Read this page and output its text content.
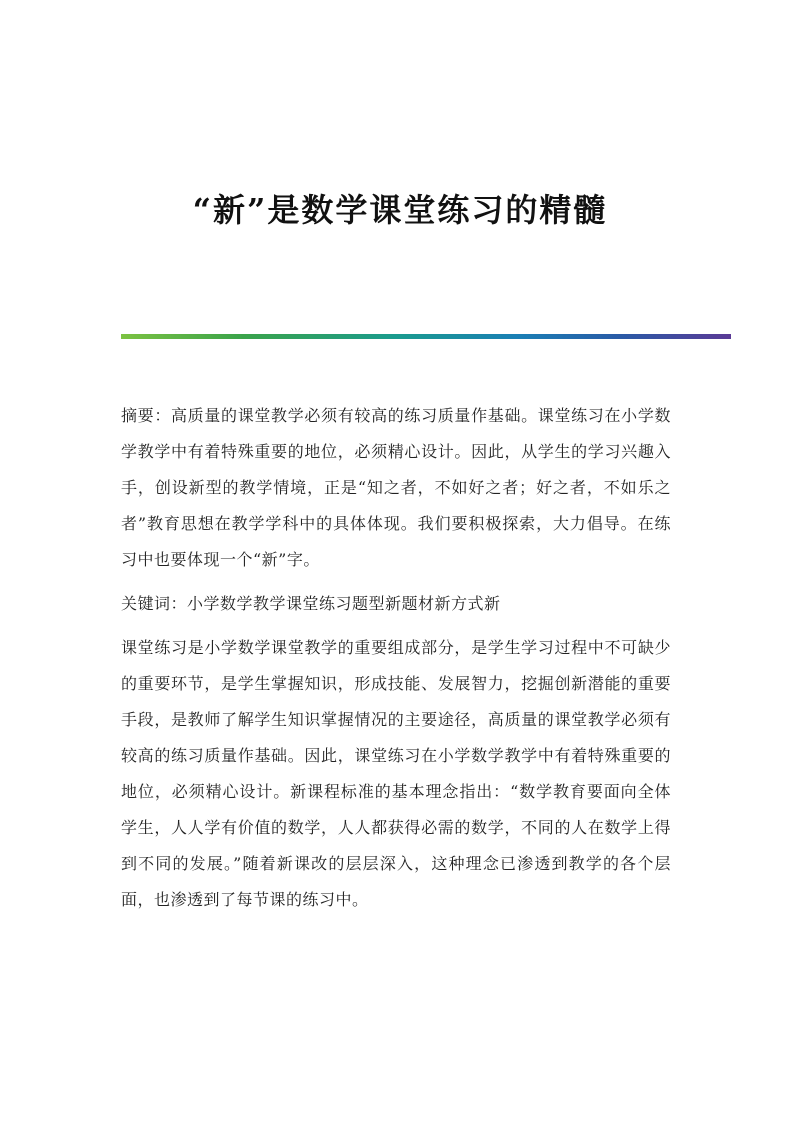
“新”是数学课堂练习的精髓

摘要：高质量的课堂教学必须有较高的练习质量作基础。课堂练习在小学数学教学中有着特殊重要的地位，必须精心设计。因此，从学生的学习兴趣入手，创设新型的教学情境，正是“知之者，不如好之者；好之者，不如乐之者”教育思想在教学学科中的具体体现。我们要积极探索，大力倡导。在练习中也要体现一个“新”字。

关键词：小学数学教学课堂练习题型新题材新方式新

课堂练习是小学数学课堂教学的重要组成部分，是学生学习过程中不可缺少的重要环节，是学生掌握知识，形成技能、发展智力，挖掘创新潜能的重要手段，是教师了解学生知识掌握情况的主要途径，高质量的课堂教学必须有较高的练习质量作基础。因此，课堂练习在小学数学教学中有着特殊重要的地位，必须精心设计。新课程标准的基本理念指出：“数学教育要面向全体学生，人人学有价值的数学，人人都获得必需的数学，不同的人在数学上得到不同的发展。”随着新课改的层层深入，这种理念已渗透到教学的各个层面，也渗透到了每节课的练习中。
